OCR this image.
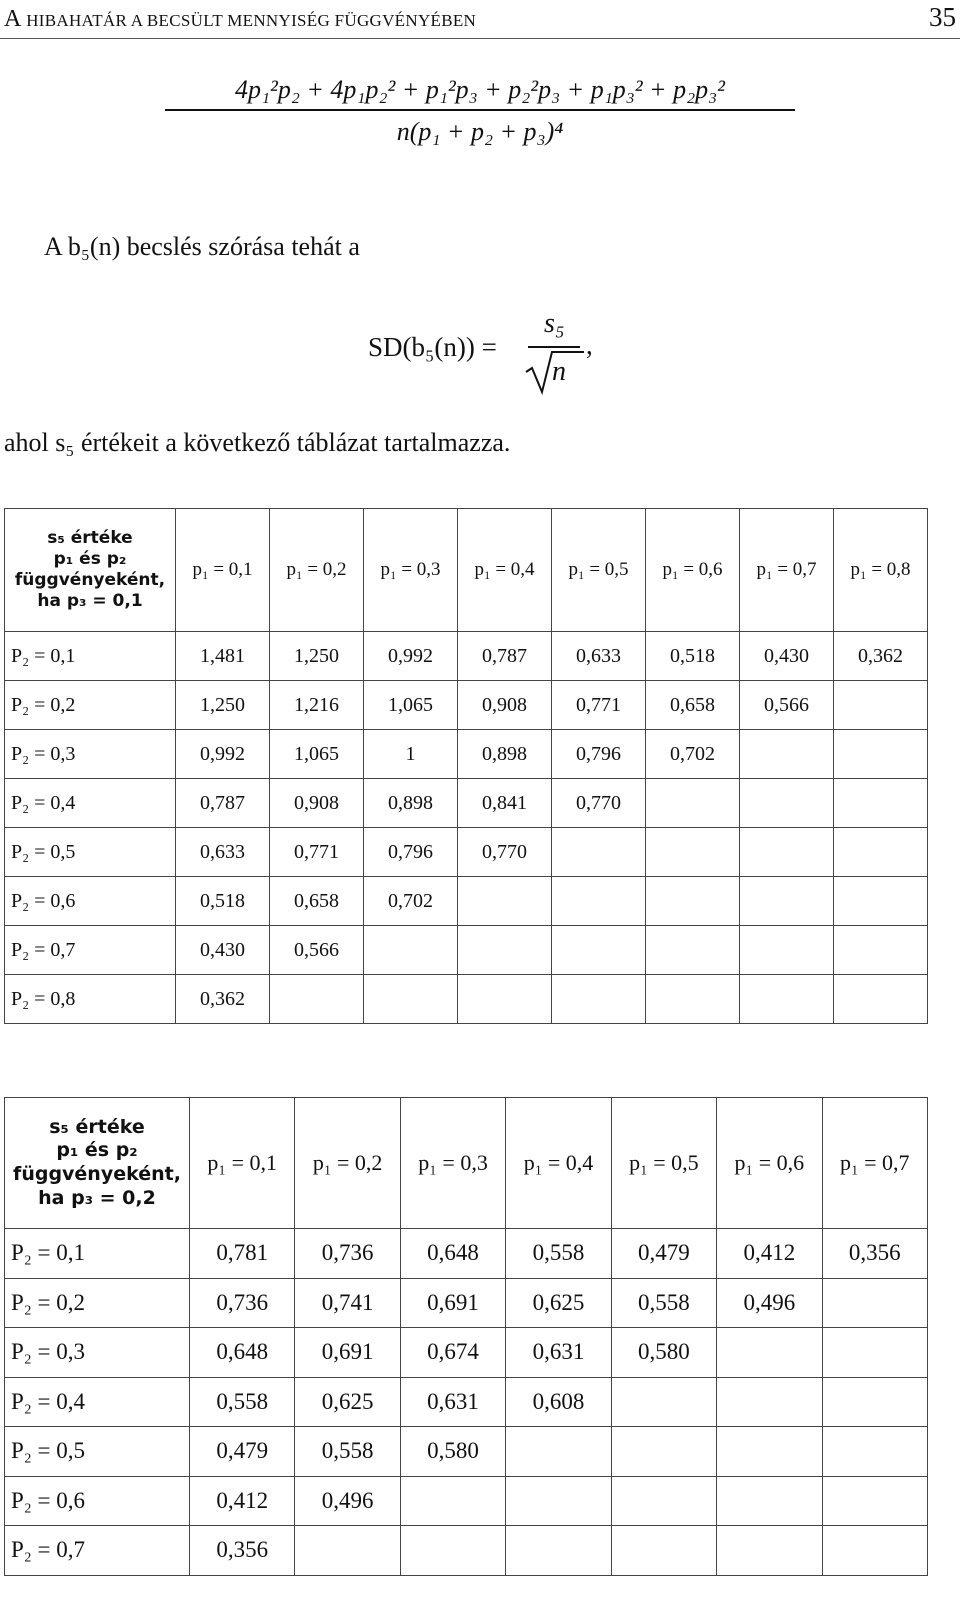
A HIBAHATÁR A BECSÜLT MENNYISÉG FÜGGVÉNYÉBEN	35
4p₁²p₂ + 4p₁p₂² + p₁²p₃ + p₂²p₃ + p₁p₃² + p₂p₃²
n(p₁ + p₂ + p₃)⁴
A b₅(n) becslés szórása tehát a
SD(b₅(n)) =
s₅
n
,
ahol s₅ értékeit a következő táblázat tartalmazza.
s₅ értéke
p₁ és p₂
függvényeként,
ha p₃ = 0,1	p₁ = 0,1	p₁ = 0,2	p₁ = 0,3	p₁ = 0,4	p₁ = 0,5	p₁ = 0,6	p₁ = 0,7	p₁ = 0,8
P₂ = 0,1	1,481	1,250	0,992	0,787	0,633	0,518	0,430	0,362
P₂ = 0,2	1,250	1,216	1,065	0,908	0,771	0,658	0,566	
P₂ = 0,3	0,992	1,065	1	0,898	0,796	0,702		
P₂ = 0,4	0,787	0,908	0,898	0,841	0,770			
P₂ = 0,5	0,633	0,771	0,796	0,770				
P₂ = 0,6	0,518	0,658	0,702					
P₂ = 0,7	0,430	0,566						
P₂ = 0,8	0,362							
s₅ értéke
p₁ és p₂
függvényeként,
ha p₃ = 0,2	p₁ = 0,1	p₁ = 0,2	p₁ = 0,3	p₁ = 0,4	p₁ = 0,5	p₁ = 0,6	p₁ = 0,7
P₂ = 0,1	0,781	0,736	0,648	0,558	0,479	0,412	0,356
P₂ = 0,2	0,736	0,741	0,691	0,625	0,558	0,496	
P₂ = 0,3	0,648	0,691	0,674	0,631	0,580		
P₂ = 0,4	0,558	0,625	0,631	0,608			
P₂ = 0,5	0,479	0,558	0,580				
P₂ = 0,6	0,412	0,496					
P₂ = 0,7	0,356						
